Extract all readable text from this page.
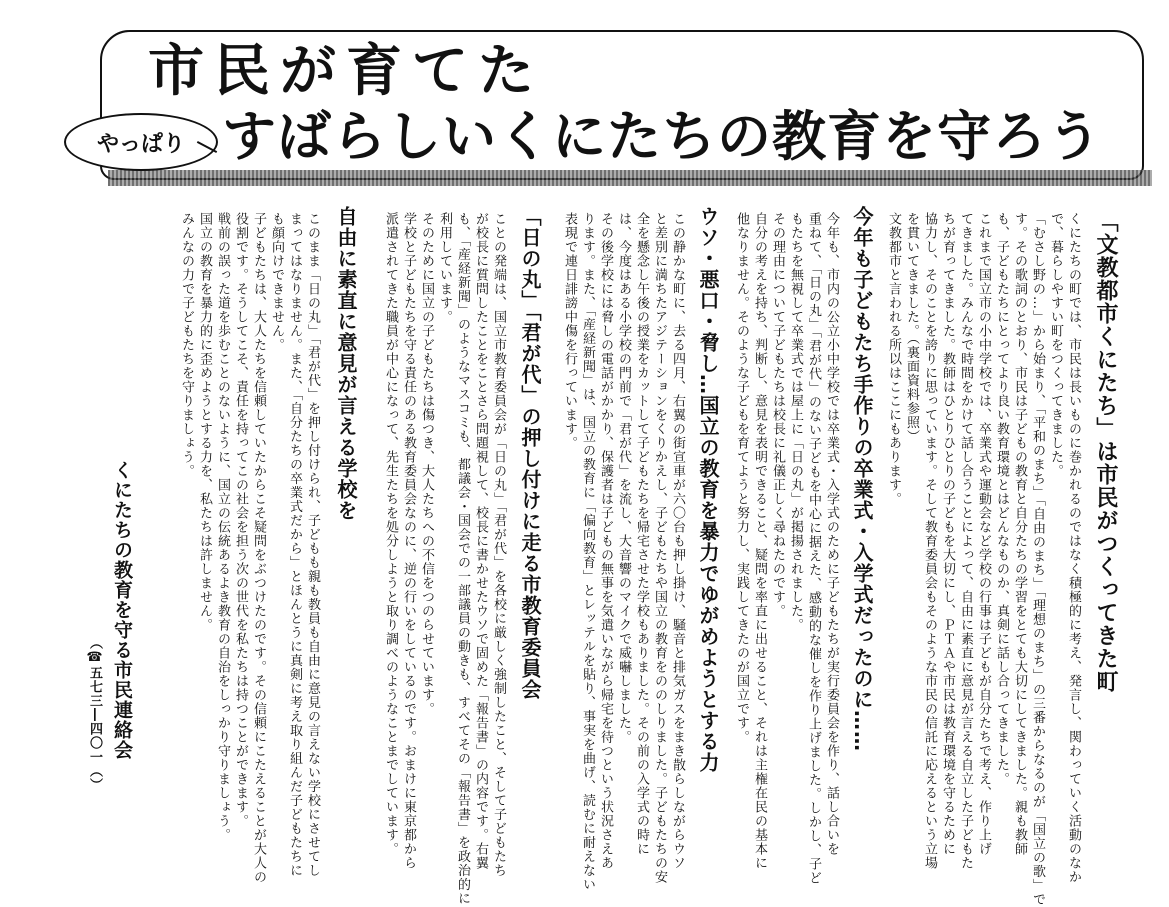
市民が育てた
やっぱり すばらしいくにたちの教育を守ろう
「文教都市くにたち」は市民がつくってきた町
くにたちの町では、市民は長いものに巻かれるのではなく積極的に考え、発言し、関わっていく活動のなか
で、暮らしやすい町をつくってきました。
「むさし野の…」から始まり、「平和のまち」「自由のまち」「理想のまち」の三番からなるのが「国立の歌」で
す。その歌詞のとおり、市民は子どもの教育と自分たちの学習をとても大切にしてきました。親も教師
も、子どもたちにとってより良い教育環境とはどんなものか、真剣に話し合ってきました。
これまで国立市の小中学校では、卒業式や運動会など学校の行事は子どもが自分たちで考え、作り上げ
てきました。みんなで時間をかけて話し合うことによって、自由に素直に意見が言える自立した子どもた
ちが育ってきました。教師はひとりひとりの子どもを大切にし、ＰＴＡや市民は教育環境を守るために
協力し、そのことを誇りに思っています。そして教育委員会もそのような市民の信託に応えるという立場
を貫いてきました。（裏面資料参照）
文教都市と言われる所以はここにもあります。
今年も子どもたち手作りの卒業式・入学式だったのに……
今年も、市内の公立小中学校では卒業式・入学式のために子どもたちが実行委員会を作り、話し合いを
重ねて、「日の丸」「君が代」のない子どもを中心に据えた、感動的な催しを作り上げました。しかし、子ど
もたちを無視して卒業式では屋上に「日の丸」が掲揚されました。
その理由について子どもたちは校長に礼儀正しく尋ねたのです。
自分の考えを持ち、判断し、意見を表明できること、疑問を率直に出せること、それは主権在民の基本に
他なりません。そのような子どもを育てようと努力し、実践してきたのが国立です。
ウソ・悪口・脅し…国立の教育を暴力でゆがめようとする力
この静かな町に、去る四月、右翼の街宣車が六〇台も押し掛け、騒音と排気ガスをまき散らしながらウソ
と差別に満ちたアジテーションをくりかえし、子どもたちや国立の教育をののしりました。子どもたちの安
全を懸念し午後の授業をカットして子どもたちを帰宅させた学校もありました。その前の入学式の時に
は、今度はある小学校の門前で「君が代」を流し、大音響のマイクで威嚇しました。
その後学校には脅しの電話がかかり、保護者は子どもの無事を気遣いながら帰宅を待つという状況さえあ
ります。また、「産経新聞」は、国立の教育に「偏向教育」とレッテルを貼り、事実を曲げ、読むに耐えない
表現で連日誹謗中傷を行っています。
「日の丸」「君が代」の押し付けに走る市教育委員会
ことの発端は、国立市教育委員会が「日の丸」「君が代」を各校に厳しく強制したこと、そして子どもたち
が校長に質問したことをことさら問題視して、校長に書かせたウソで固めた「報告書」の内容です。右翼
も、「産経新聞」のようなマスコミも、都議会・国会での一部議員の動きも、すべてその「報告書」を政治的に
利用しています。
そのために国立の子どもたちは傷つき、大人たちへの不信をつのらせています。
学校と子どもたちを守る責任のある教育委員会なのに、逆の行いをしているのです。おまけに東京都から
派遣されてきた職員が中心になって、先生たちを処分しようと取り調べのようなことまでしています。
自由に素直に意見が言える学校を
このまま「日の丸」「君が代」を押し付けられ、子どもも親も教員も自由に意見の言えない学校にさせてし
まってはなりません。また、「自分たちの卒業式だから」とほんとうに真剣に考え取り組んだ子どもたちに
も顔向けできません。
子どもたちは、大人たちを信頼していたからこそ疑問をぶつけたのです。その信頼にこたえることが大人の
役割です。そうしてこそ、責任を持ってこの社会を担う次の世代を私たちは持つことができます。
戦前の誤った道を歩むことのないように、国立の伝統あるよき教育の自治をしっかり守りましょう。
国立の教育を暴力的に歪めようとする力を、私たちは許しません。
みんなの力で子どもたちを守りましょう。
くにたちの教育を守る市民連絡会
（☎五七三―四〇一（）
